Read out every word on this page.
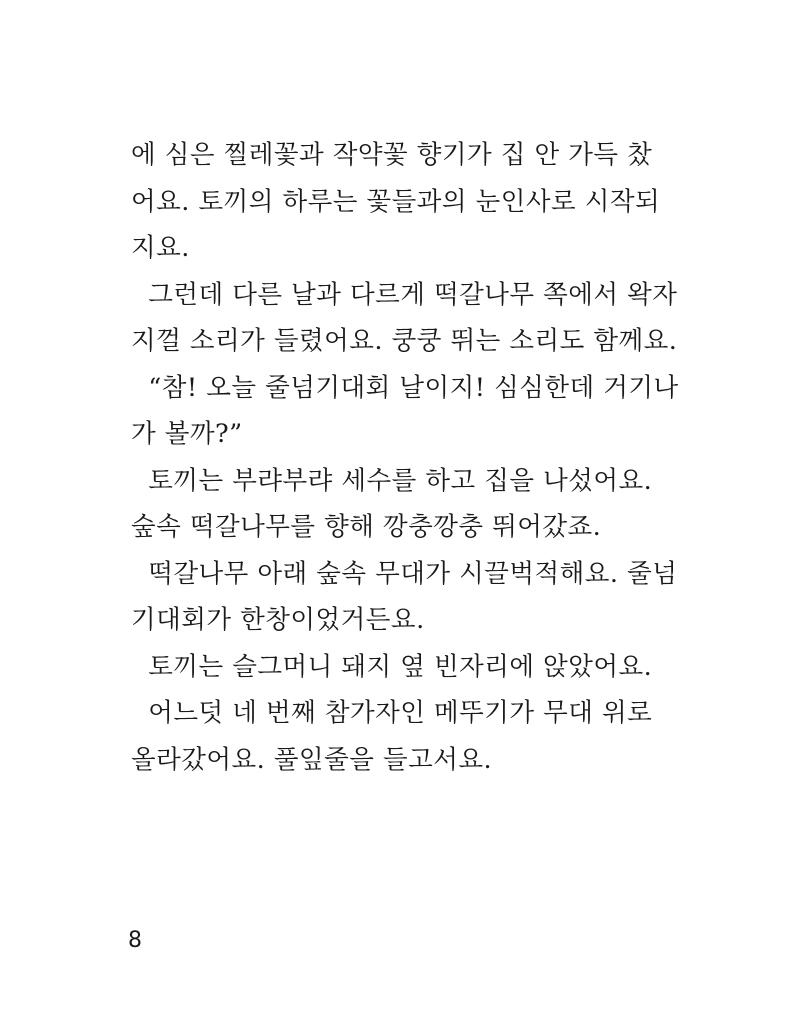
에 심은 찔레꽃과 작약꽃 향기가 집 안 가득 찼
어요. 토끼의 하루는 꽃들과의 눈인사로 시작되
지요.
그런데 다른 날과 다르게 떡갈나무 쪽에서 왁자
지껄 소리가 들렸어요. 쿵쿵 뛰는 소리도 함께요.
“참! 오늘 줄넘기대회 날이지! 심심한데 거기나
가 볼까?”
토끼는 부랴부랴 세수를 하고 집을 나섰어요.
숲속 떡갈나무를 향해 깡충깡충 뛰어갔죠.
떡갈나무 아래 숲속 무대가 시끌벅적해요. 줄넘
기대회가 한창이었거든요.
토끼는 슬그머니 돼지 옆 빈자리에 앉았어요.
어느덧 네 번째 참가자인 메뚜기가 무대 위로
올라갔어요. 풀잎줄을 들고서요.
8
